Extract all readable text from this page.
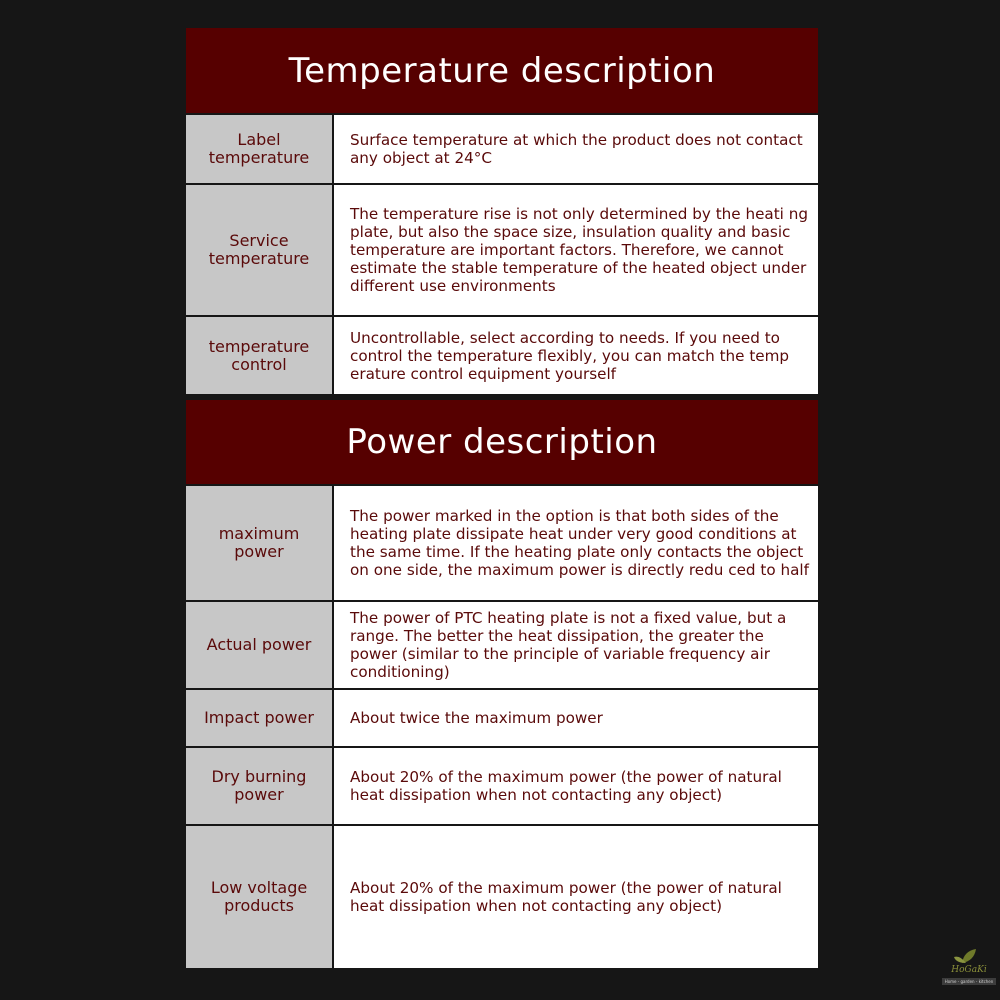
Temperature description
Label temperature
Surface temperature at which the product does not contact any object at 24°C
Service temperature
The temperature rise is not only determined by the heati ng plate, but also the space size, insulation quality and basic temperature are important factors. Therefore, we cannot estimate the stable temperature of the heated object under different use environments
temperature control
Uncontrollable, select according to needs. If you need to control the temperature flexibly, you can match the temp erature control equipment yourself
Power description
maximum power
The power marked in the option is that both sides of the heating plate dissipate heat under very good conditions at the same time. If the heating plate only contacts the object on one side, the maximum power is directly redu ced to half
Actual power
The power of PTC heating plate is not a fixed value, but a range. The better the heat dissipation, the greater the power (similar to the principle of variable frequency air conditioning)
Impact power	About twice the maximum power
Dry burning power
About 20% of the maximum power (the power of natural heat dissipation when not contacting any object)
Low voltage products
About 20% of the maximum power (the power of natural heat dissipation when not contacting any object)
HoGaKi
Home - garden - kitchen
